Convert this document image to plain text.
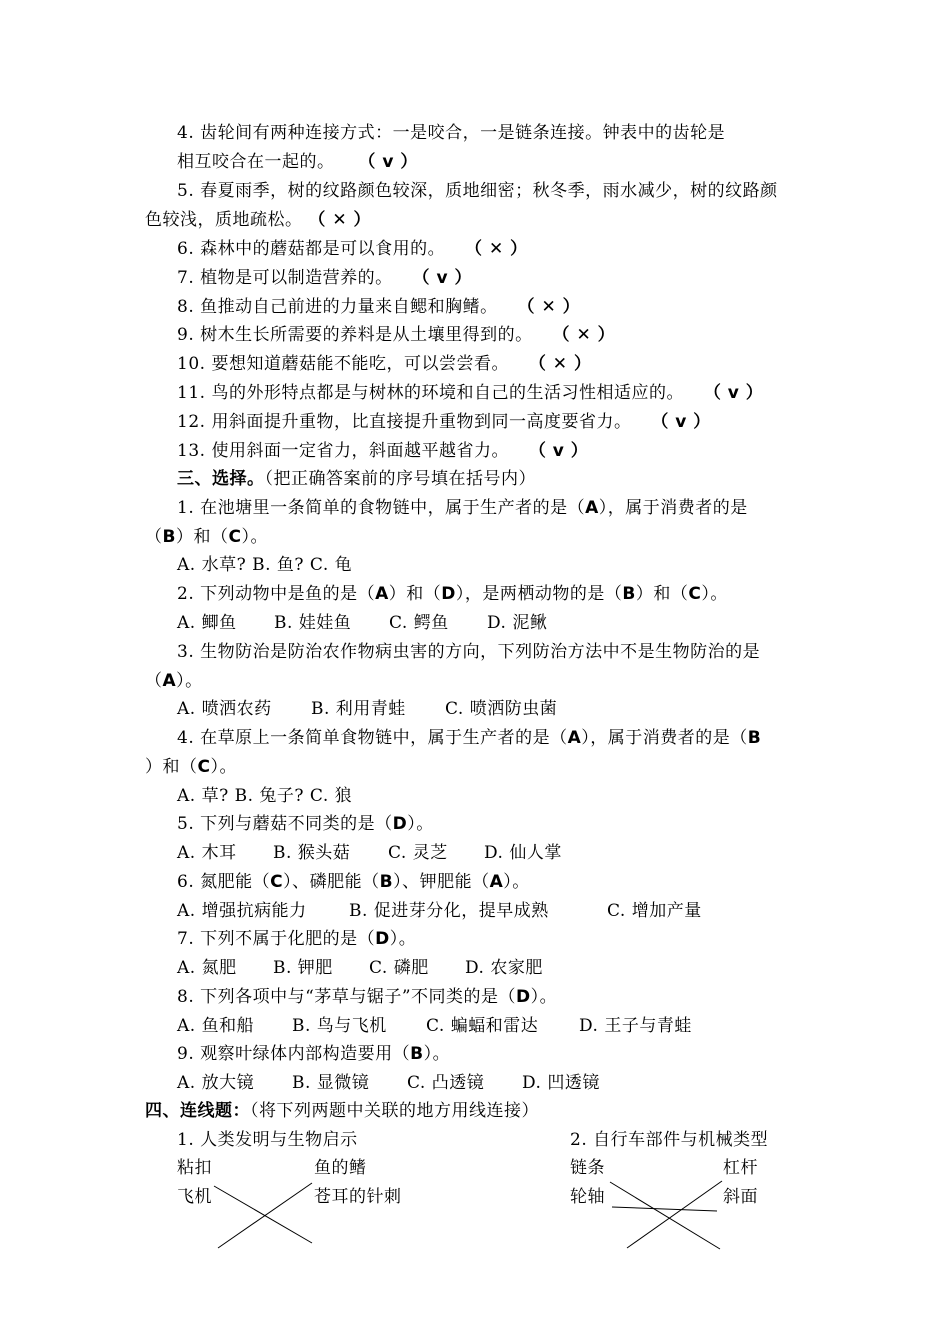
4. 齿轮间有两种连接方式：一是咬合，一是链条连接。钟表中的齿轮是
相互咬合在一起的。 （ v ）
5. 春夏雨季，树的纹路颜色较深，质地细密；秋冬季，雨水减少，树的纹路颜
色较浅，质地疏松。 （ ✕ ）
6. 森林中的蘑菇都是可以食用的。 （ ✕ ）
7. 植物是可以制造营养的。 （ v ）
8. 鱼推动自己前进的力量来自鳃和胸鳍。 （ ✕ ）
9. 树木生长所需要的养料是从土壤里得到的。 （ ✕ ）
10. 要想知道蘑菇能不能吃，可以尝尝看。 （ ✕ ）
11. 鸟的外形特点都是与树林的环境和自己的生活习性相适应的。 （ v ）
12. 用斜面提升重物，比直接提升重物到同一高度要省力。 （ v ）
13. 使用斜面一定省力，斜面越平越省力。 （ v ）
三、选择。（把正确答案前的序号填在括号内）
1. 在池塘里一条简单的食物链中，属于生产者的是（A），属于消费者的是
（B）和（C）。
A. 水草? B. 鱼? C. 龟
2. 下列动物中是鱼的是（A）和（D），是两栖动物的是（B）和（C）。
A. 鲫鱼 B. 娃娃鱼 C. 鳄鱼 D. 泥鳅
3. 生物防治是防治农作物病虫害的方向，下列防治方法中不是生物防治的是
（A）。
A. 喷洒农药 B. 利用青蛙 C. 喷洒防虫菌
4. 在草原上一条简单食物链中，属于生产者的是（A），属于消费者的是（B
）和（C）。
A. 草? B. 兔子? C. 狼
5. 下列与蘑菇不同类的是（D）。
A. 木耳 B. 猴头菇 C. 灵芝 D. 仙人掌
6. 氮肥能（C）、磷肥能（B）、钾肥能（A）。
A. 增强抗病能力 B. 促进芽分化，提早成熟	C. 增加产量
7. 下列不属于化肥的是（D）。
A. 氮肥 B. 钾肥 C. 磷肥 D. 农家肥
8. 下列各项中与“茅草与锯子”不同类的是（D）。
A. 鱼和船 B. 鸟与飞机 C. 蝙蝠和雷达 D. 王子与青蛙
9. 观察叶绿体内部构造要用（B）。
A. 放大镜 B. 显微镜 C. 凸透镜 D. 凹透镜
四、连线题：（将下列两题中关联的地方用线连接）
1. 人类发明与生物启示	2. 自行车部件与机械类型
粘扣	鱼的鳍
飞机	苍耳的针刺
链条	杠杆
轮轴	斜面
